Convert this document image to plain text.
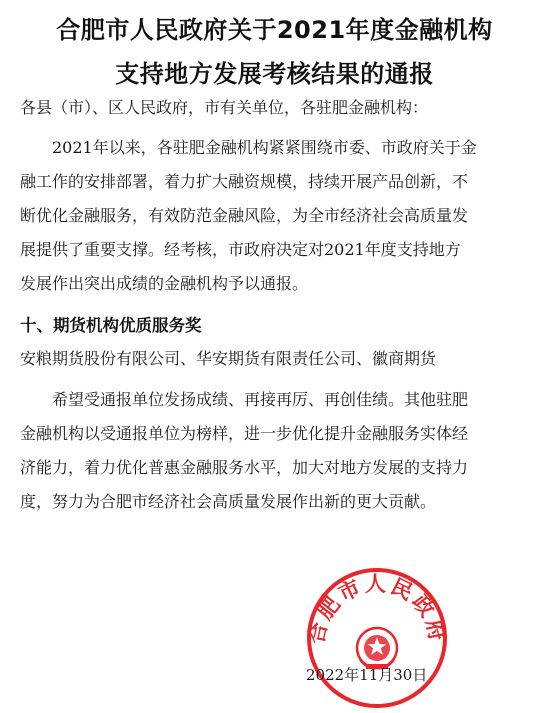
合肥市人民政府关于2021年度金融机构
支持地方发展考核结果的通报
各县（市）、区人民政府，市有关单位，各驻肥金融机构：
2021年以来，各驻肥金融机构紧紧围绕市委、市政府关于金
融工作的安排部署，着力扩大融资规模，持续开展产品创新，不
断优化金融服务，有效防范金融风险，为全市经济社会高质量发
展提供了重要支撑。经考核，市政府决定对2021年度支持地方
发展作出突出成绩的金融机构予以通报。
十、期货机构优质服务奖
安粮期货股份有限公司、华安期货有限责任公司、徽商期货
希望受通报单位发扬成绩、再接再厉、再创佳绩。其他驻肥
金融机构以受通报单位为榜样，进一步优化提升金融服务实体经
济能力，着力优化普惠金融服务水平，加大对地方发展的支持力
度，努力为合肥市经济社会高质量发展作出新的更大贡献。
合肥市人民政府
2022年11月30日
